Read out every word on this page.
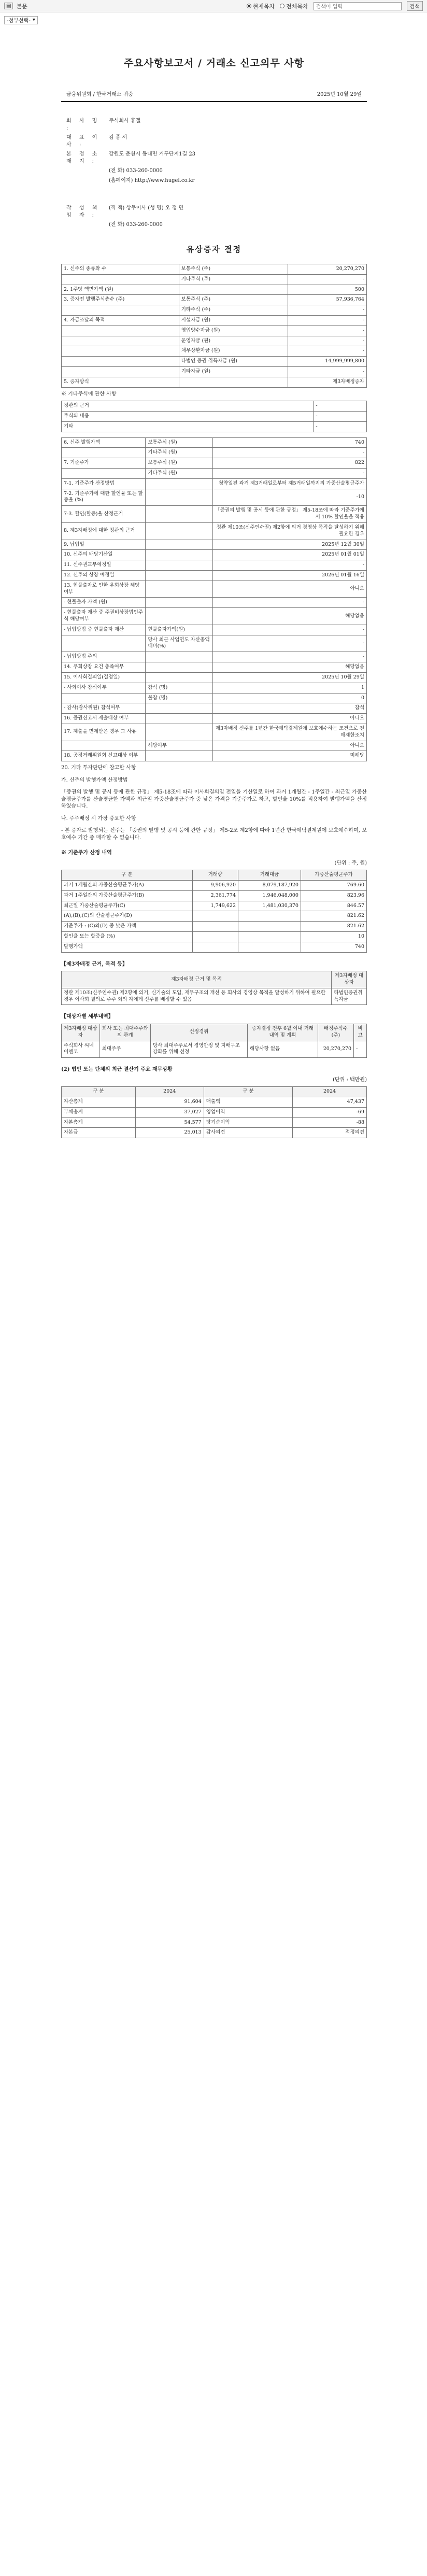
▤ 본문	현재목차 전체목차 검색어 입력	검색
-첨부선택- ▾
주요사항보고서 / 거래소 신고의무 사항
금융위원회 / 한국거래소 귀중	2025년 10월 29일
회 사 명 :
주식회사 휴젤
대 표 이 사 :
김 종 서
본 점 소 재 지 :
강원도 춘천시 동내면 거두단지1길 23
(전 화) 033-260-0000
(홈페이지) http://www.hugel.co.kr
작 성 책 임 자 :
(직 책) 상무이사 (성 명) 오 정 민
(전 화) 033-260-0000
유상증자 결정
1. 신주의 종류와 수	보통주식 (주)	20,270,270
	기타주식 (주)	-
2. 1주당 액면가액 (원)		500
3. 증자전 발행주식총수 (주)	보통주식 (주)	57,936,764
	기타주식 (주)	-
4. 자금조달의 목적	시설자금 (원)	-
	영업양수자금 (원)	-
	운영자금 (원)	-
	채무상환자금 (원)	-
	타법인 증권 취득자금 (원)	14,999,999,800
	기타자금 (원)	-
5. 증자방식		제3자배정증자
※ 기타주식에 관한 사항
정관의 근거	-
주식의 내용	-
기타	-
6. 신주 발행가액	보통주식 (원)	740
	기타주식 (원)	-
7. 기준주가	보통주식 (원)	822
	기타주식 (원)	-
7-1. 기준주가 산정방법		청약일전 과거 제3거래일로부터 제5거래일까지의 가중산술평균주가
7-2. 기준주가에 대한 할인율 또는 할증율 (%)		-10
7-3. 할인(할증)율 산정근거		「증권의 발행 및 공시 등에 관한 규정」 제5-18조에 따라 기준주가에서 10% 할인율을 적용
8. 제3자배정에 대한 정관의 근거		정관 제10조(신주인수권) 제2항에 의거 경영상 목적을 달성하기 위해 필요한 경우
9. 납입일		2025년 12월 30일
10. 신주의 배당기산일		2025년 01월 01일
11. 신주권교부예정일		-
12. 신주의 상장 예정일		2026년 01월 16일
13. 현물출자로 인한 우회상장 해당여부		아니오
- 현물출자 가액 (원)		-
- 현물출자 재산 중 주권비상장법인주식 해당여부		해당없음
- 납입방법 중 현물출자 재산	현물출자가액(원)	-
	당사 최근 사업연도 자산총액 대비(%)	-
- 납입방법 주의		-
14. 우회상장 요건 충족여부		해당없음
15. 이사회결의일(결정일)		2025년 10월 29일
- 사외이사 참석여부	참석 (명)	1
	불참 (명)	0
- 감사(감사위원) 참석여부		참석
16. 증권신고서 제출대상 여부		아니오
17. 제출을 면제받은 경우 그 사유		제3자배정 신주를 1년간 한국예탁결제원에 보호예수하는 조건으로 전매제한조치
	해당여부	아니오
18. 공정거래위원회 신고대상 여부		미해당
20. 기타 투자판단에 참고할 사항
가. 신주의 발행가액 산정방법
「증권의 발행 및 공시 등에 관한 규정」 제5-18조에 따라 이사회결의일 전일을 기산일로 하여 과거 1개월간 - 1주일간 - 최근일 가중산술평균주가를 산술평균한 가액과 최근일 가중산술평균주가 중 낮은 가격을 기준주가로 하고, 할인율 10%를 적용하여 발행가액을 산정하였습니다.
나. 주주배정 시 가장 중요한 사항
- 본 증자로 발행되는 신주는 「증권의 발행 및 공시 등에 관한 규정」 제5-2조 제2항에 따라 1년간 한국예탁결제원에 보호예수하며, 보호예수 기간 중 매각할 수 없습니다.
※ 기준주가 산정 내역
(단위 : 주, 원)
구 분	거래량	거래대금	가중산술평균주가
과거 1개월간의 가중산술평균주가(A)	9,906,920	8,079,187,920	769.60
과거 1주일간의 가중산술평균주가(B)	2,361,774	1,946,048,000	823.96
최근일 가중산술평균주가(C)	1,749,622	1,481,030,370	846.57
(A),(B),(C)의 산술평균주가(D)			821.62
기준주가 : (C)와(D) 중 낮은 가액			821.62
할인율 또는 할증율 (%)			10
발행가액			740
【제3자배정 근거, 목적 등】
제3자배정 근거 및 목적	제3자배정 대상자
정관 제10조(신주인수권) 제2항에 의거, 신기술의 도입, 재무구조의 개선 등 회사의 경영상 목적을 달성하기 위하여 필요한 경우 이사회 결의로 주주 외의 자에게 신주를 배정할 수 있음	타법인증권취득자금
【대상자별 세부내역】
제3자배정 대상자	회사 또는 최대주주와의 관계	선정경위	증자결정 전후 6월 이내 거래내역 및 계획	배정주식수(주)	비고
주식회사 씨네이엔코	최대주주	당사 최대주주로서 경영안정 및 지배구조 강화를 위해 선정	해당사항 없음	20,270,270	-
(2) 법인 또는 단체의 최근 결산기 주요 재무상황
(단위 : 백만원)
구 분	2024	구 분	2024
자산총계	91,604	매출액	47,437
부채총계	37,027	영업이익	-69
자본총계	54,577	당기순이익	-88
자본금	25,013	감사의견	적정의견
